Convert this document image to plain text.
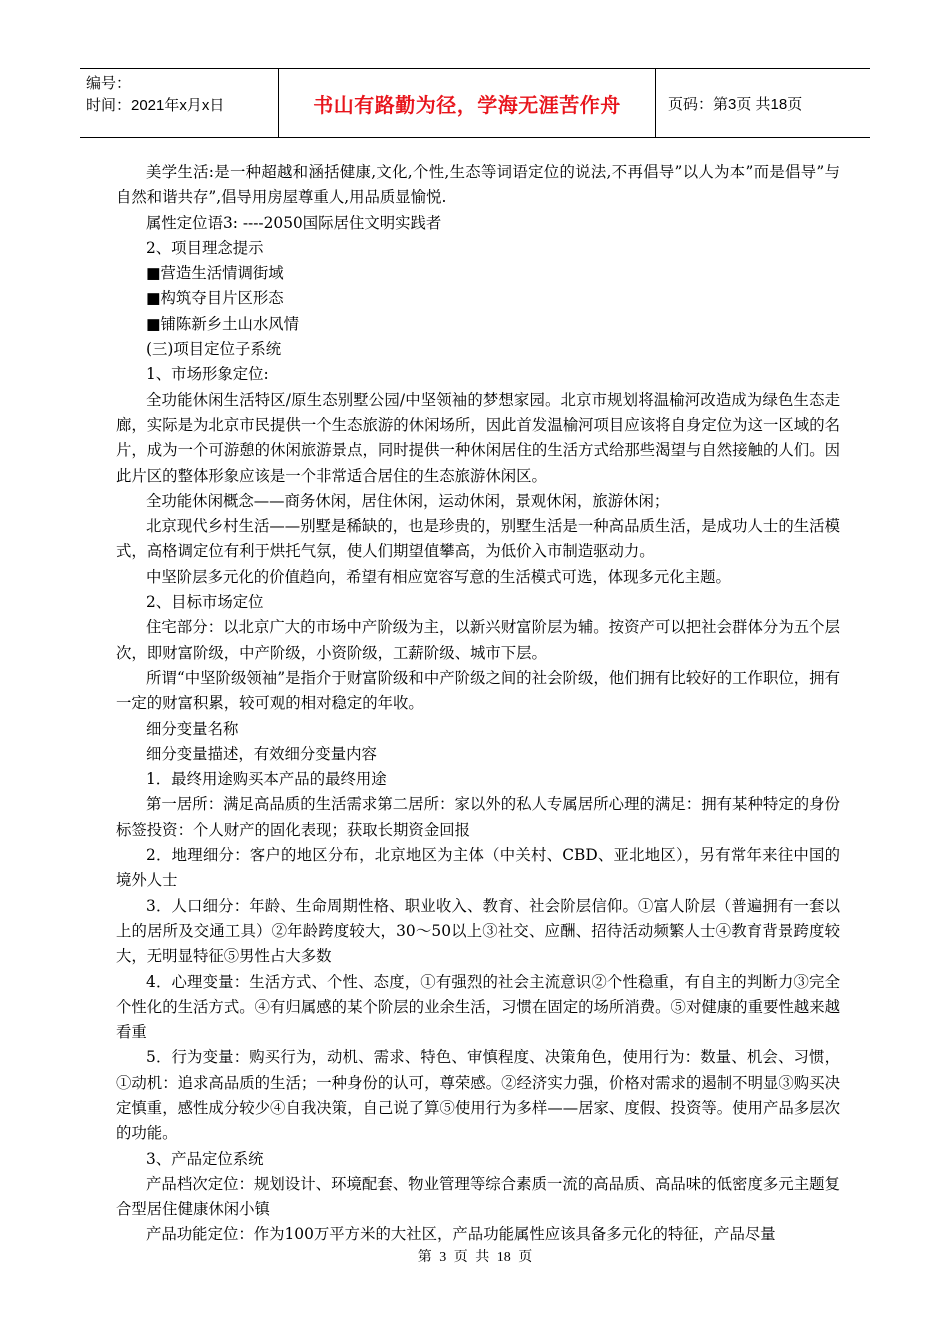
编号：
时间：2021年x月x日	书山有路勤为径，学海无涯苦作舟	页码：第3页 共18页

美学生活:是一种超越和涵括健康,文化,个性,生态等词语定位的说法,不再倡导”以人为本”而是倡导”与自然和谐共存”,倡导用房屋尊重人,用品质显愉悦.

属性定位语3: ----2050国际居住文明实践者

2、项目理念提示

■营造生活情调街域

■构筑夺目片区形态

■铺陈新乡土山水风情

(三)项目定位子系统

1、市场形象定位:

全功能休闲生活特区/原生态别墅公园/中坚领袖的梦想家园。北京市规划将温榆河改造成为绿色生态走廊，实际是为北京市民提供一个生态旅游的休闲场所，因此首发温榆河项目应该将自身定位为这一区域的名片，成为一个可游憩的休闲旅游景点，同时提供一种休闲居住的生活方式给那些渴望与自然接触的人们。因此片区的整体形象应该是一个非常适合居住的生态旅游休闲区。

全功能休闲概念——商务休闲，居住休闲，运动休闲，景观休闲，旅游休闲；

北京现代乡村生活——别墅是稀缺的，也是珍贵的，别墅生活是一种高品质生活，是成功人士的生活模式，高格调定位有利于烘托气氛，使人们期望值攀高，为低价入市制造驱动力。

中坚阶层多元化的价值趋向，希望有相应宽容写意的生活模式可选，体现多元化主题。

2、目标市场定位

住宅部分：以北京广大的市场中产阶级为主，以新兴财富阶层为辅。按资产可以把社会群体分为五个层次，即财富阶级，中产阶级，小资阶级，工薪阶级、城市下层。

所谓“中坚阶级领袖”是指介于财富阶级和中产阶级之间的社会阶级，他们拥有比较好的工作职位，拥有一定的财富积累，较可观的相对稳定的年收。

细分变量名称

细分变量描述，有效细分变量内容

1．最终用途购买本产品的最终用途

第一居所：满足高品质的生活需求第二居所：家以外的私人专属居所心理的满足：拥有某种特定的身份标签投资：个人财产的固化表现；获取长期资金回报

2．地理细分：客户的地区分布，北京地区为主体（中关村、CBD、亚北地区），另有常年来往中国的境外人士

3．人口细分：年龄、生命周期性格、职业收入、教育、社会阶层信仰。①富人阶层（普遍拥有一套以上的居所及交通工具）②年龄跨度较大，30～50以上③社交、应酬、招待活动频繁人士④教育背景跨度较大，无明显特征⑤男性占大多数

4．心理变量：生活方式、个性、态度，①有强烈的社会主流意识②个性稳重，有自主的判断力③完全个性化的生活方式。④有归属感的某个阶层的业余生活，习惯在固定的场所消费。⑤对健康的重要性越来越看重

5．行为变量：购买行为，动机、需求、特色、审慎程度、决策角色，使用行为：数量、机会、习惯，①动机：追求高品质的生活；一种身份的认可，尊荣感。②经济实力强，价格对需求的遏制不明显③购买决定慎重，感性成分较少④自我决策，自己说了算⑤使用行为多样——居家、度假、投资等。使用产品多层次的功能。

3、产品定位系统

产品档次定位：规划设计、环境配套、物业管理等综合素质一流的高品质、高品味的低密度多元主题复合型居住健康休闲小镇

产品功能定位：作为100万平方米的大社区，产品功能属性应该具备多元化的特征，产品尽量

第 3 页 共 18 页
